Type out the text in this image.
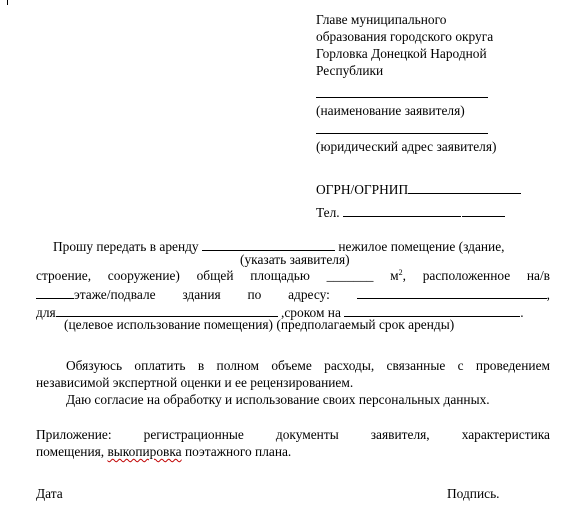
Главе муниципального
образования городского округа
Горловка Донецкой Народной
Республики
(наименование заявителя)
(юридический адрес заявителя)
ОГРН/ОГРНИП
Тел.
Прошу передать в аренду	нежилое помещение (здание,
(указать заявителя)
строение, сооружение) общей площадью _______ $м^2$, расположенное на/в
этаже/подвале здания по адресу:	,
для	,сроком на	.
(целевое использование помещения) (предполагаемый срок аренды)
Обязуюсь оплатить в полном объеме расходы, связанные с проведением
независимой экспертной оценки и ее рецензированием.
Даю согласие на обработку и использование своих персональных данных.
Приложение: регистрационные документы заявителя, характеристика
помещения, выкопировка поэтажного плана.
Дата	Подпись.
